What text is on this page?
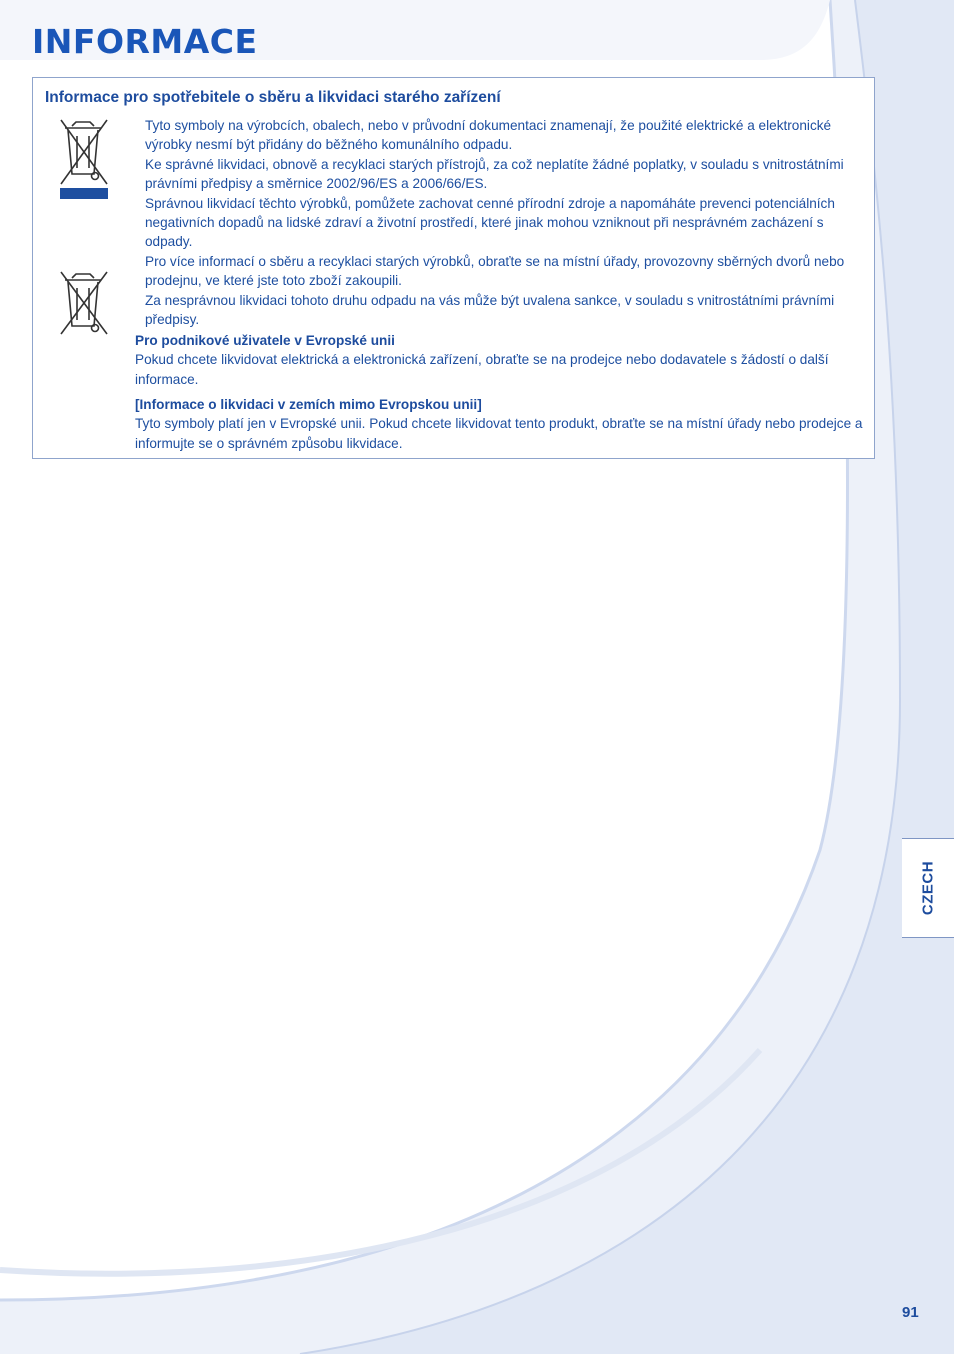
INFORMACE
Informace pro spotřebitele o sběru a likvidaci starého zařízení

Tyto symboly na výrobcích, obalech, nebo v průvodní dokumentaci znamenají, že použité elektrické a elektronické výrobky nesmí být přidány do běžného komunálního odpadu.

Ke správné likvidaci, obnově a recyklaci starých přístrojů, za což neplatíte žádné poplatky, v souladu s vnitrostátními právními předpisy a směrnice 2002/96/ES a 2006/66/ES.

Správnou likvidací těchto výrobků, pomůžete zachovat cenné přírodní zdroje a napomáháte prevenci potenciálních negativních dopadů na lidské zdraví a životní prostředí, které jinak mohou vzniknout při nesprávném zacházení s odpady.

Pro více informací o sběru a recyklaci starých výrobků, obraťte se na místní úřady, provozovny sběrných dvorů nebo prodejnu, ve které jste toto zboží zakoupili.

Za nesprávnou likvidaci tohoto druhu odpadu na vás může být uvalena sankce, v souladu s vnitrostátními právními předpisy.

Pro podnikové uživatele v Evropské unii

Pokud chcete likvidovat elektrická a elektronická zařízení, obraťte se na prodejce nebo dodavatele s žádostí o další informace.

[Informace o likvidaci v zemích mimo Evropskou unii]

Tyto symboly platí jen v Evropské unii. Pokud chcete likvidovat tento produkt, obraťte se na místní úřady nebo prodejce a informujte se o správném způsobu likvidace.

CZECH
91
